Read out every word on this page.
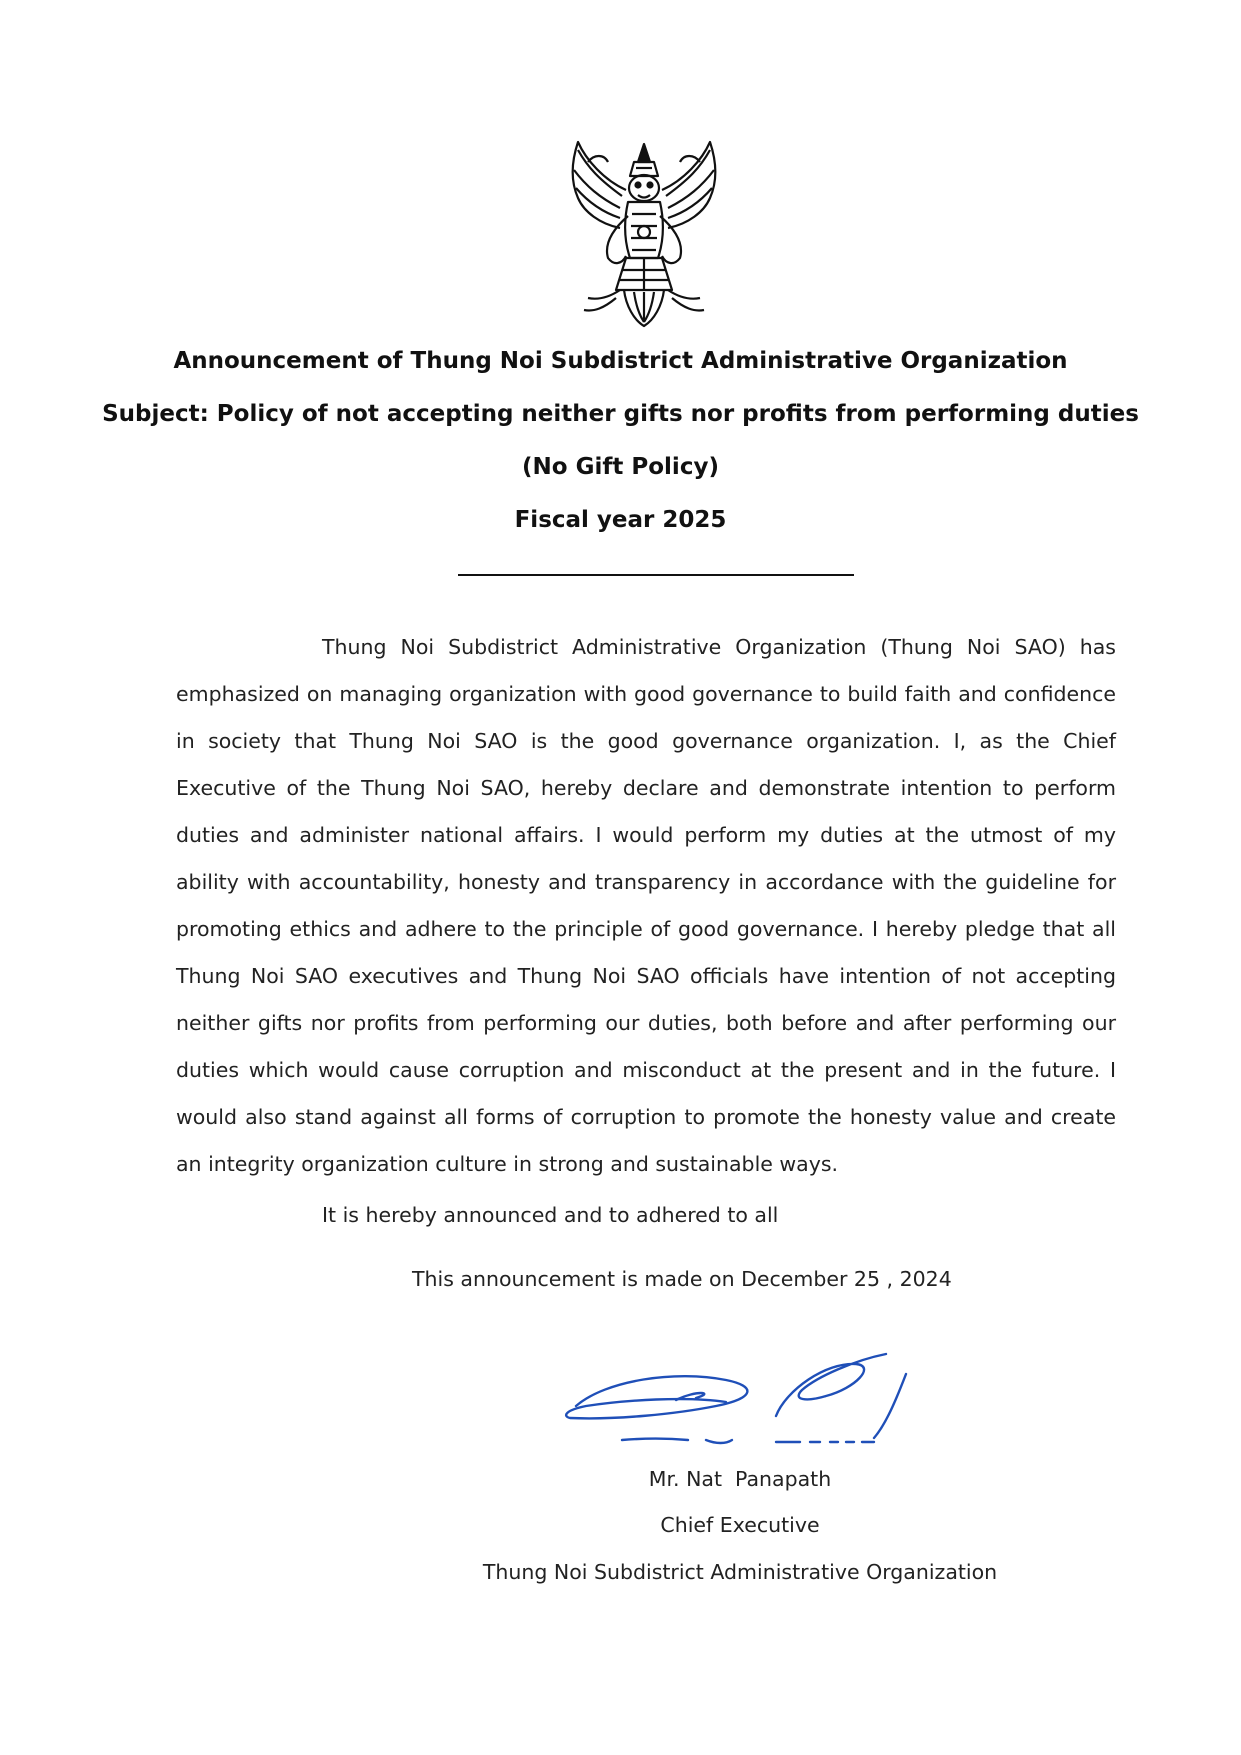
Announcement of Thung Noi Subdistrict Administrative Organization
Subject: Policy of not accepting neither gifts nor profits from performing duties
(No Gift Policy)
Fiscal year 2025
Thung Noi Subdistrict Administrative Organization (Thung Noi SAO) has emphasized on managing organization with good governance to build faith and confidence in society that Thung Noi SAO is the good governance organization. I, as the Chief Executive of the Thung Noi SAO, hereby declare and demonstrate intention to perform duties and administer national affairs. I would perform my duties at the utmost of my ability with accountability, honesty and transparency in accordance with the guideline for promoting ethics and adhere to the principle of good governance. I hereby pledge that all Thung Noi SAO executives and Thung Noi SAO officials have intention of not accepting neither gifts nor profits from performing our duties, both before and after performing our duties which would cause corruption and misconduct at the present and in the future. I would also stand against all forms of corruption to promote the honesty value and create an integrity organization culture in strong and sustainable ways.
It is hereby announced and to adhered to all
This announcement is made on December 25 , 2024
Mr. Nat  Panapath
Chief Executive
Thung Noi Subdistrict Administrative Organization
